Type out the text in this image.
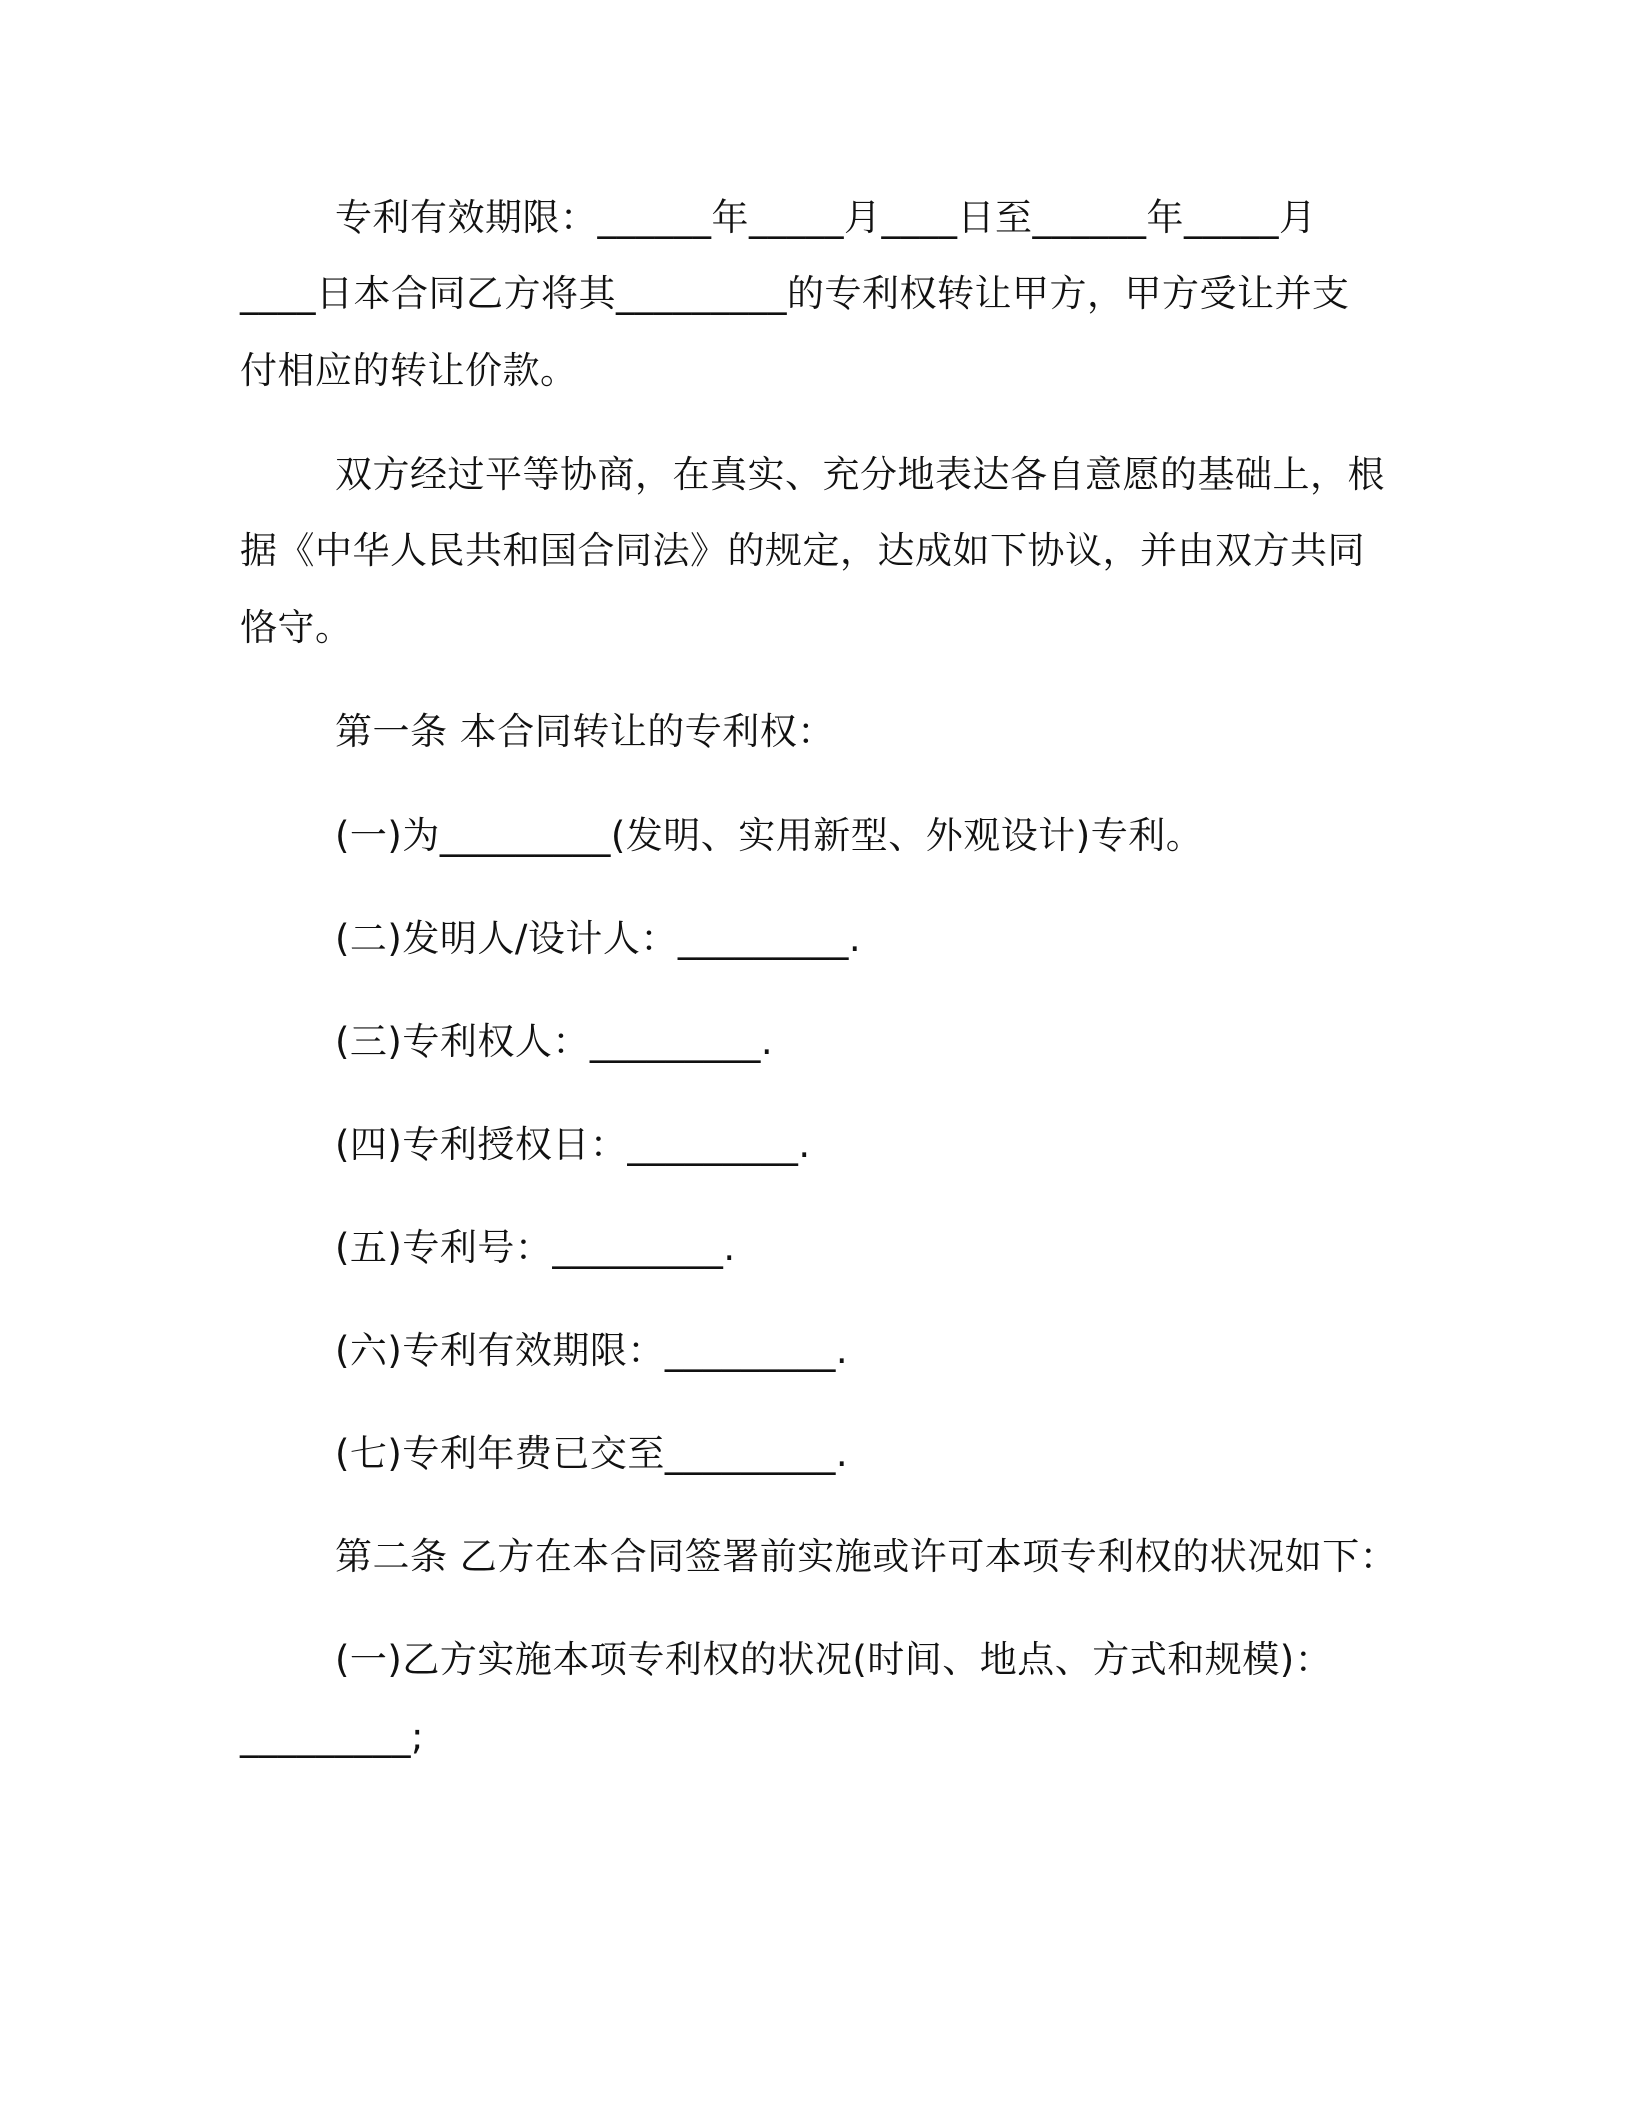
专利有效期限：______年_____月____日至______年_____月
____日本合同乙方将其_________的专利权转让甲方，甲方受让并支
付相应的转让价款。
双方经过平等协商，在真实、充分地表达各自意愿的基础上，根
据《中华人民共和国合同法》的规定，达成如下协议，并由双方共同
恪守。
第一条 本合同转让的专利权：
(一)为_________(发明、实用新型、外观设计)专利。
(二)发明人/设计人：_________.
(三)专利权人：_________.
(四)专利授权日：_________.
(五)专利号：_________.
(六)专利有效期限：_________.
(七)专利年费已交至_________.
第二条 乙方在本合同签署前实施或许可本项专利权的状况如下：
(一)乙方实施本项专利权的状况(时间、地点、方式和规模)：
_________;
